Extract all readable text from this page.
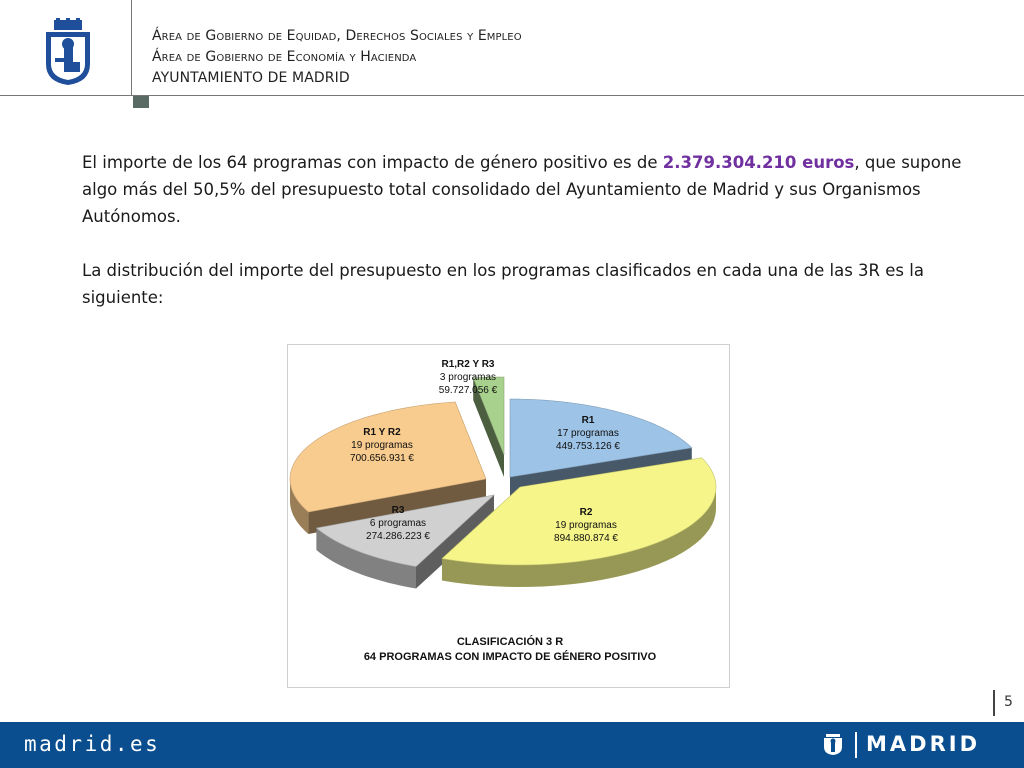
Área de Gobierno de Equidad, Derechos Sociales y Empleo
Área de Gobierno de Economía y Hacienda
AYUNTAMIENTO DE MADRID
El importe de los 64 programas con impacto de género positivo es de 2.379.304.210 euros, que supone algo más del 50,5% del presupuesto total consolidado del Ayuntamiento de Madrid y sus Organismos Autónomos.
La distribución del importe del presupuesto en los programas clasificados en cada una de las 3R es la siguiente:
R1 17 programas 449.753.126 €
R2 19 programas 894.880.874 €
R3 6 programas 274.286.223 €
R1 Y R2 19 programas 700.656.931 €
R1,R2 Y R3 3 programas 59.727.056 €
CLASIFICACIÓN 3 R 64 PROGRAMAS CON IMPACTO DE GÉNERO POSITIVO
5
madrid.es	MADRID
